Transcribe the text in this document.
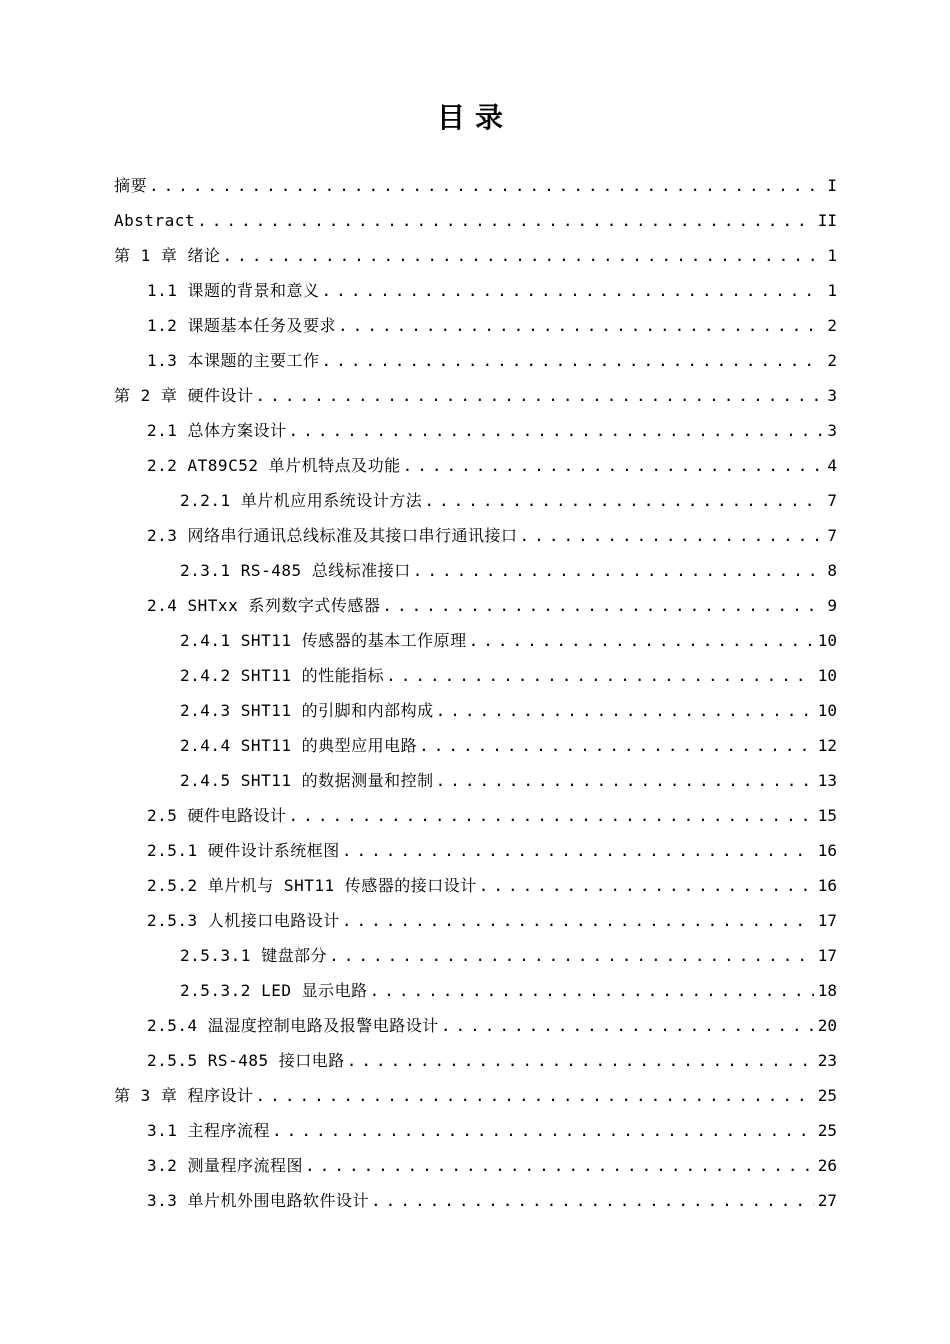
目录
摘要 .....	I
Abstract .....	II
第 1 章 绪论 .....	1
1.1 课题的背景和意义 .....	1
1.2 课题基本任务及要求 .....	2
1.3 本课题的主要工作 .....	2
第 2 章 硬件设计 .....	3
2.1 总体方案设计 .....	3
2.2 AT89C52 单片机特点及功能 .....	4
2.2.1 单片机应用系统设计方法 .....	7
2.3 网络串行通讯总线标准及其接口串行通讯接口 .....	7
2.3.1 RS-485 总线标准接口 .....	8
2.4 SHTxx 系列数字式传感器 .....	9
2.4.1 SHT11 传感器的基本工作原理 .....	10
2.4.2 SHT11 的性能指标 .....	10
2.4.3 SHT11 的引脚和内部构成 .....	10
2.4.4 SHT11 的典型应用电路 .....	12
2.4.5 SHT11 的数据测量和控制 .....	13
2.5 硬件电路设计 .....	15
2.5.1 硬件设计系统框图 .....	16
2.5.2 单片机与 SHT11 传感器的接口设计 .....	16
2.5.3 人机接口电路设计 .....	17
2.5.3.1 键盘部分 .....	17
2.5.3.2 LED 显示电路 .....	18
2.5.4 温湿度控制电路及报警电路设计 .....	20
2.5.5 RS-485 接口电路 .....	23
第 3 章 程序设计 .....	25
3.1 主程序流程 .....	25
3.2 测量程序流程图 .....	26
3.3 单片机外围电路软件设计 .....	27
